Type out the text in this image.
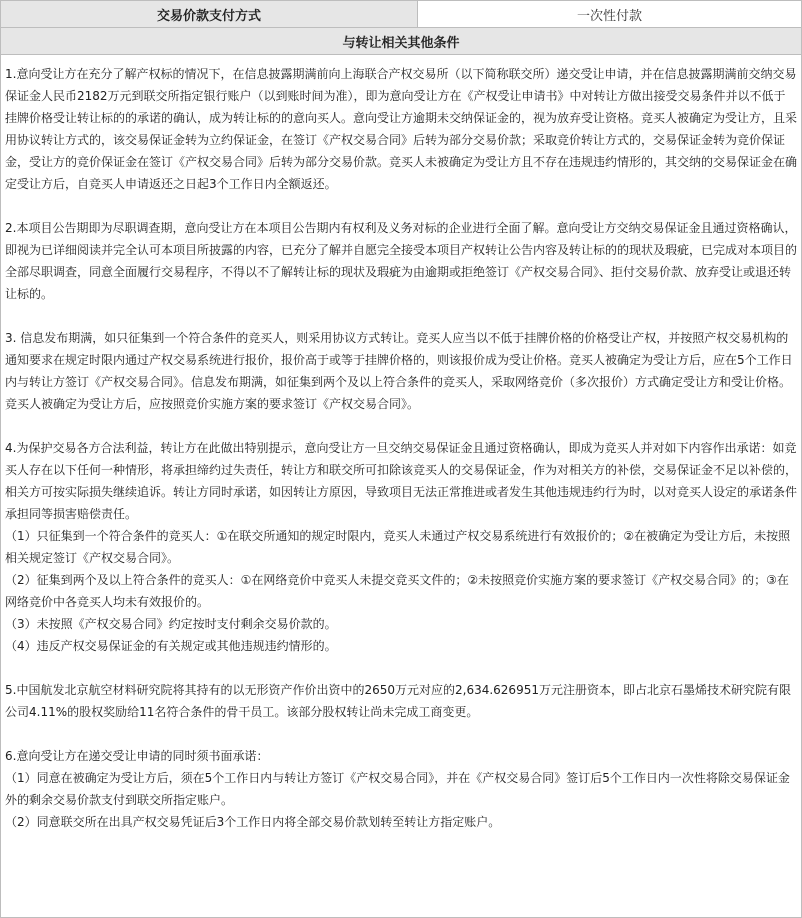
交易价款支付方式	一次性付款
与转让相关其他条件

1.意向受让方在充分了解产权标的情况下，在信息披露期满前向上海联合产权交易所（以下简称联交所）递交受让申请，并在信息披露期满前交纳交易保证金人民币2182万元到联交所指定银行账户（以到账时间为准），即为意向受让方在《产权受让申请书》中对转让方做出接受交易条件并以不低于挂牌价格受让转让标的的承诺的确认，成为转让标的的意向买人。意向受让方逾期未交纳保证金的，视为放弃受让资格。竞买人被确定为受让方，且采用协议转让方式的，该交易保证金转为立约保证金，在签订《产权交易合同》后转为部分交易价款；采取竞价转让方式的，交易保证金转为竞价保证金，受让方的竞价保证金在签订《产权交易合同》后转为部分交易价款。竞买人未被确定为受让方且不存在违规违约情形的，其交纳的交易保证金在确定受让方后，自竞买人申请返还之日起3个工作日内全额返还。

2.本项目公告期即为尽职调查期，意向受让方在本项目公告期内有权利及义务对标的企业进行全面了解。意向受让方交纳交易保证金且通过资格确认，即视为已详细阅读并完全认可本项目所披露的内容，已充分了解并自愿完全接受本项目产权转让公告内容及转让标的的现状及瑕疵，已完成对本项目的全部尽职调查，同意全面履行交易程序，不得以不了解转让标的现状及瑕疵为由逾期或拒绝签订《产权交易合同》、拒付交易价款、放弃受让或退还转让标的。

3. 信息发布期满，如只征集到一个符合条件的竞买人，则采用协议方式转让。竞买人应当以不低于挂牌价格的价格受让产权，并按照产权交易机构的通知要求在规定时限内通过产权交易系统进行报价，报价高于或等于挂牌价格的，则该报价成为受让价格。竞买人被确定为受让方后，应在5个工作日内与转让方签订《产权交易合同》。信息发布期满，如征集到两个及以上符合条件的竞买人，采取网络竞价（多次报价）方式确定受让方和受让价格。竞买人被确定为受让方后，应按照竞价实施方案的要求签订《产权交易合同》。

4.为保护交易各方合法利益，转让方在此做出特别提示，意向受让方一旦交纳交易保证金且通过资格确认，即成为竞买人并对如下内容作出承诺：如竞买人存在以下任何一种情形，将承担缔约过失责任，转让方和联交所可扣除该竞买人的交易保证金，作为对相关方的补偿，交易保证金不足以补偿的，相关方可按实际损失继续追诉。转让方同时承诺，如因转让方原因，导致项目无法正常推进或者发生其他违规违约行为时，以对竞买人设定的承诺条件承担同等损害赔偿责任。
（1）只征集到一个符合条件的竞买人：①在联交所通知的规定时限内，竞买人未通过产权交易系统进行有效报价的；②在被确定为受让方后，未按照相关规定签订《产权交易合同》。
（2）征集到两个及以上符合条件的竞买人：①在网络竞价中竞买人未提交竞买文件的；②未按照竞价实施方案的要求签订《产权交易合同》的；③在网络竞价中各竞买人均未有效报价的。
（3）未按照《产权交易合同》约定按时支付剩余交易价款的。
（4）违反产权交易保证金的有关规定或其他违规违约情形的。

5.中国航发北京航空材料研究院将其持有的以无形资产作价出资中的2650万元对应的2,634.626951万元注册资本，即占北京石墨烯技术研究院有限公司4.11%的股权奖励给11名符合条件的骨干员工。该部分股权转让尚未完成工商变更。

6.意向受让方在递交受让申请的同时须书面承诺：
（1）同意在被确定为受让方后，须在5个工作日内与转让方签订《产权交易合同》，并在《产权交易合同》签订后5个工作日内一次性将除交易保证金外的剩余交易价款支付到联交所指定账户。
（2）同意联交所在出具产权交易凭证后3个工作日内将全部交易价款划转至转让方指定账户。
